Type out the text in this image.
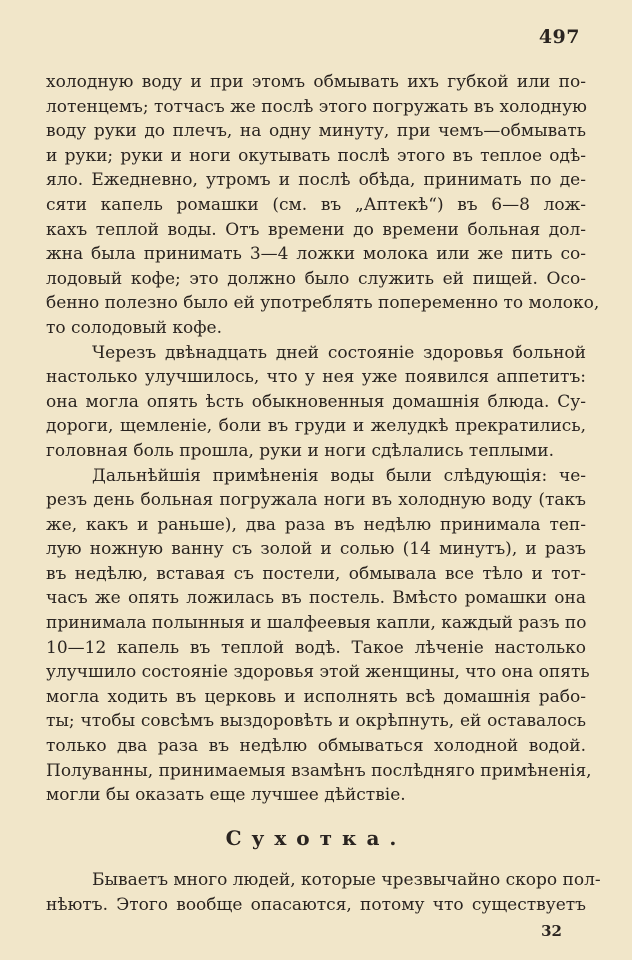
497
холодную воду и при этомъ обмывать ихъ губкой или по-
лотенцемъ; тотчасъ же послѣ этого погружать въ холодную
воду руки до плечъ, на одну минуту, при чемъ—обмывать
и руки; руки и ноги окутывать послѣ этого въ теплое одѣ-
яло. Ежедневно, утромъ и послѣ обѣда, принимать по де-
сяти капель ромашки (см. въ „Аптекѣ“) въ 6—8 лож-
кахъ теплой воды. Отъ времени до времени больная дол-
жна была принимать 3—4 ложки молока или же пить со-
лодовый кофе; это должно было служить ей пищей. Осо-
бенно полезно было ей употреблять попеременно то молоко,
то солодовый кофе.
Черезъ двѣнадцать дней состояніе здоровья больной
настолько улучшилось, что у нея уже появился аппетитъ:
она могла опять ѣсть обыкновенныя домашнія блюда. Су-
дороги, щемленіе, боли въ груди и желудкѣ прекратились,
головная боль прошла, руки и ноги сдѣлались теплыми.
Дальнѣйшія примѣненія воды были слѣдующія: че-
резъ день больная погружала ноги въ холодную воду (такъ
же, какъ и раньше), два раза въ недѣлю принимала теп-
лую ножную ванну съ золой и солью (14 минутъ), и разъ
въ недѣлю, вставая съ постели, обмывала все тѣло и тот-
часъ же опять ложилась въ постель. Вмѣсто ромашки она
принимала полынныя и шалфеевыя капли, каждый разъ по
10—12 капель въ теплой водѣ. Такое лѣченіе настолько
улучшило состояніе здоровья этой женщины, что она опять
могла ходить въ церковь и исполнять всѣ домашнія рабо-
ты; чтобы совсѣмъ выздоровѣть и окрѣпнуть, ей оставалось
только два раза въ недѣлю обмываться холодной водой.
Полуванны, принимаемыя взамѣнъ послѣдняго примѣненія,
могли бы оказать еще лучшее дѣйствіе.
Сухотка.
Бываетъ много людей, которые чрезвычайно скоро пол-
нѣютъ. Этого вообще опасаются, потому что существуетъ
32
